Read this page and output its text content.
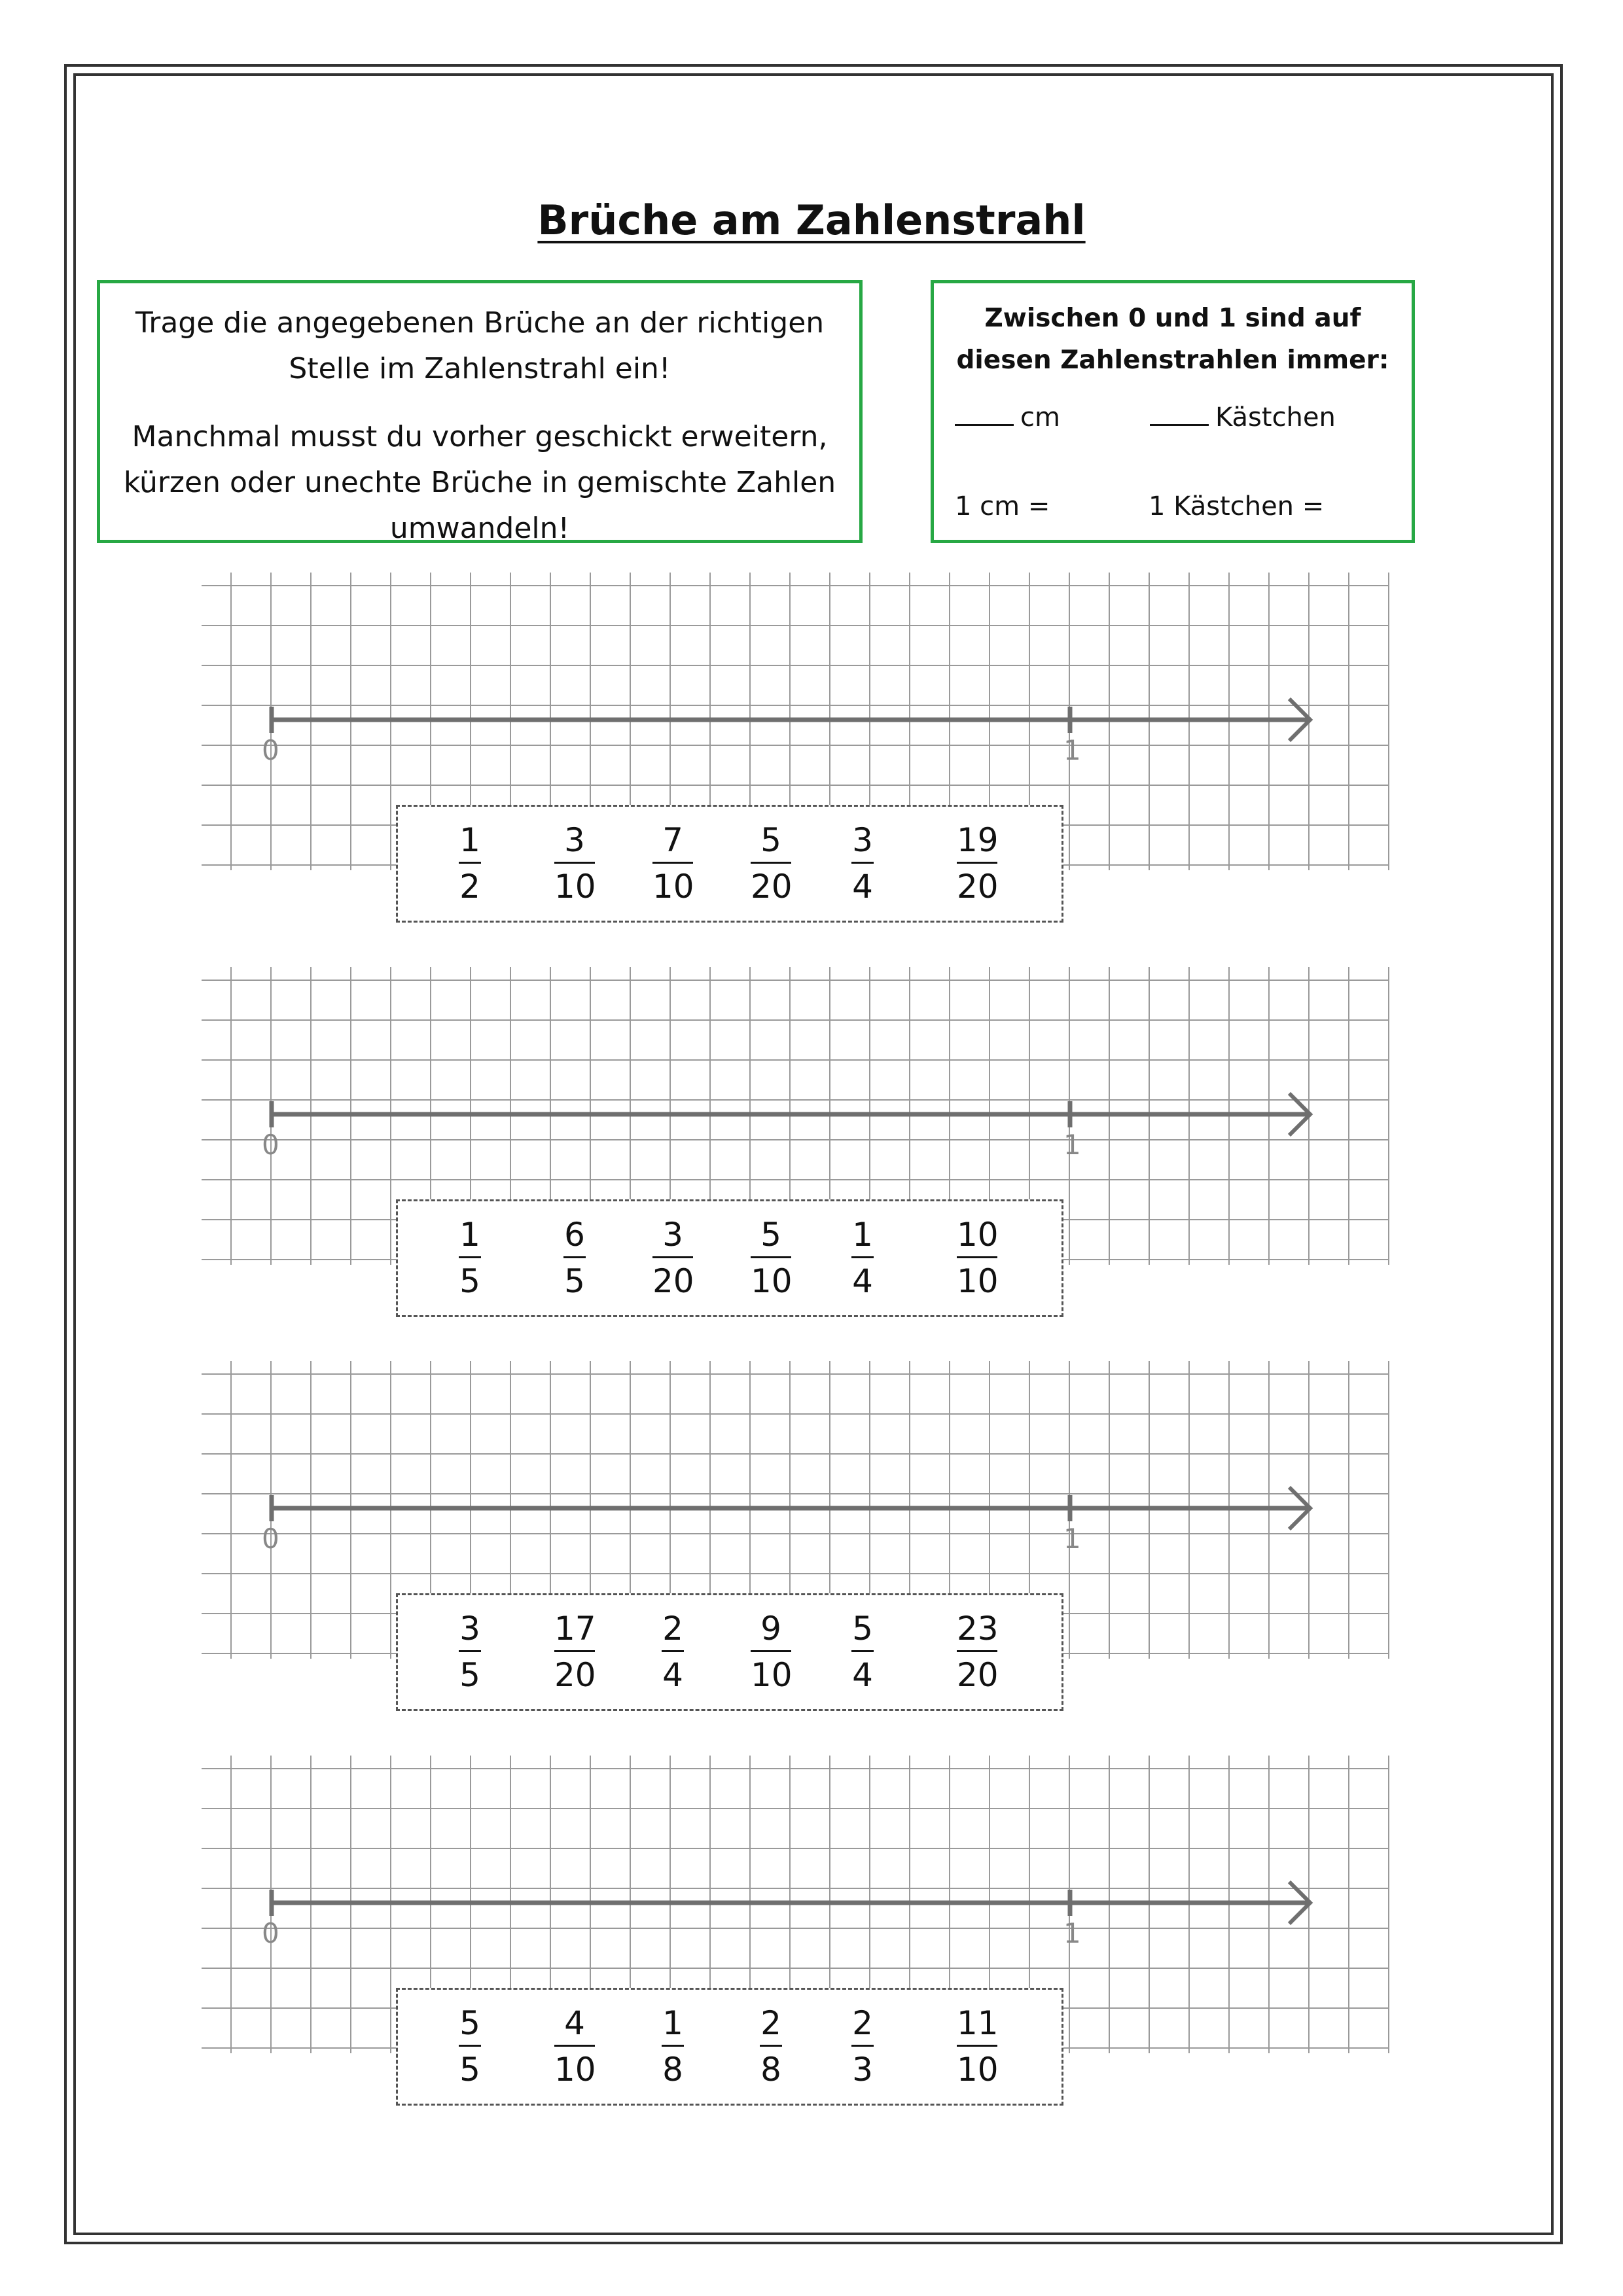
Brüche am Zahlenstrahl

Trage die angegebenen Brüche an der richtigen Stelle im Zahlenstrahl ein!

Manchmal musst du vorher geschickt erweitern, kürzen oder unechte Brüche in gemischte Zahlen umwandeln!

Zwischen 0 und 1 sind auf diesen Zahlenstrahlen immer:
cm	Kästchen
1 cm =	1 Kästchen =
0	1
1
2
3
10
7
10
5
20
3
4
19
20
0	1
1
5
6
5
3
20
5
10
1
4
10
10
0	1
3
5
17
20
2
4
9
10
5
4
23
20
0	1
5
5
4
10
1
8
2
8
2
3
11
10
